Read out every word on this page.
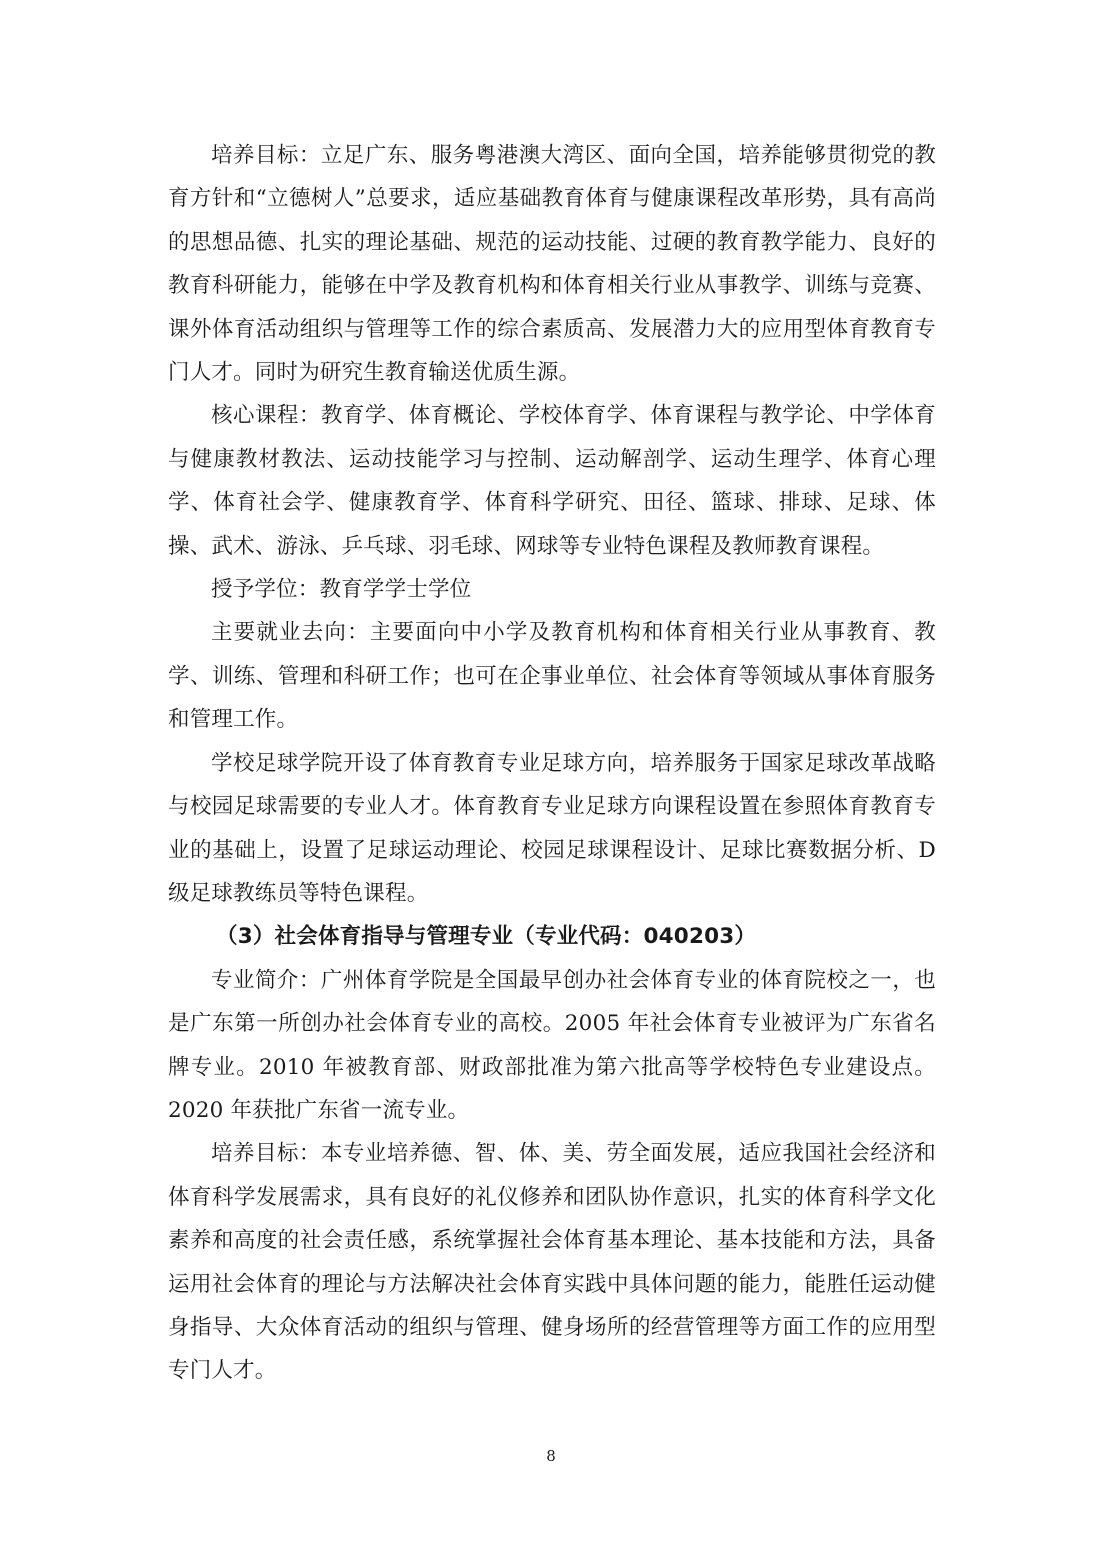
培养目标：立足广东、服务粤港澳大湾区、面向全国，培养能够贯彻党的教育方针和“立德树人”总要求，适应基础教育体育与健康课程改革形势，具有高尚的思想品德、扎实的理论基础、规范的运动技能、过硬的教育教学能力、良好的教育科研能力，能够在中学及教育机构和体育相关行业从事教学、训练与竞赛、课外体育活动组织与管理等工作的综合素质高、发展潜力大的应用型体育教育专门人才。同时为研究生教育输送优质生源。

核心课程：教育学、体育概论、学校体育学、体育课程与教学论、中学体育与健康教材教法、运动技能学习与控制、运动解剖学、运动生理学、体育心理学、体育社会学、健康教育学、体育科学研究、田径、篮球、排球、足球、体操、武术、游泳、乒乓球、羽毛球、网球等专业特色课程及教师教育课程。

授予学位：教育学学士学位

主要就业去向：主要面向中小学及教育机构和体育相关行业从事教育、教学、训练、管理和科研工作；也可在企事业单位、社会体育等领域从事体育服务和管理工作。

学校足球学院开设了体育教育专业足球方向，培养服务于国家足球改革战略与校园足球需要的专业人才。体育教育专业足球方向课程设置在参照体育教育专业的基础上，设置了足球运动理论、校园足球课程设计、足球比赛数据分析、D级足球教练员等特色课程。

（3）社会体育指导与管理专业（专业代码：040203）

专业简介：广州体育学院是全国最早创办社会体育专业的体育院校之一，也是广东第一所创办社会体育专业的高校。2005 年社会体育专业被评为广东省名牌专业。2010 年被教育部、财政部批准为第六批高等学校特色专业建设点。2020 年获批广东省一流专业。

培养目标：本专业培养德、智、体、美、劳全面发展，适应我国社会经济和体育科学发展需求，具有良好的礼仪修养和团队协作意识，扎实的体育科学文化素养和高度的社会责任感，系统掌握社会体育基本理论、基本技能和方法，具备运用社会体育的理论与方法解决社会体育实践中具体问题的能力，能胜任运动健身指导、大众体育活动的组织与管理、健身场所的经营管理等方面工作的应用型专门人才。

8
